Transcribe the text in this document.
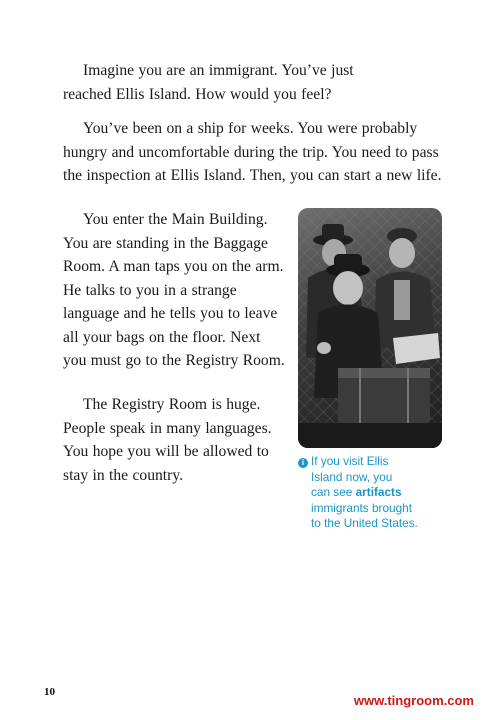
Imagine you are an immigrant. You’ve just reached Ellis Island. How would you feel?

You’ve been on a ship for weeks. You were probably hungry and uncomfortable during the trip. You need to pass the inspection at Ellis Island. Then, you can start a new life.

You enter the Main Building. You are standing in the Baggage Room. A man taps you on the arm. He talks to you in a strange language and he tells you to leave all your bags on the floor. Next you must go to the Registry Room.

The Registry Room is huge. People speak in many languages. You hope you will be allowed to stay in the country.

i If you visit Ellis
Island now, you
can see artifacts
immigrants brought
to the United States.
10
www.tingroom.com
